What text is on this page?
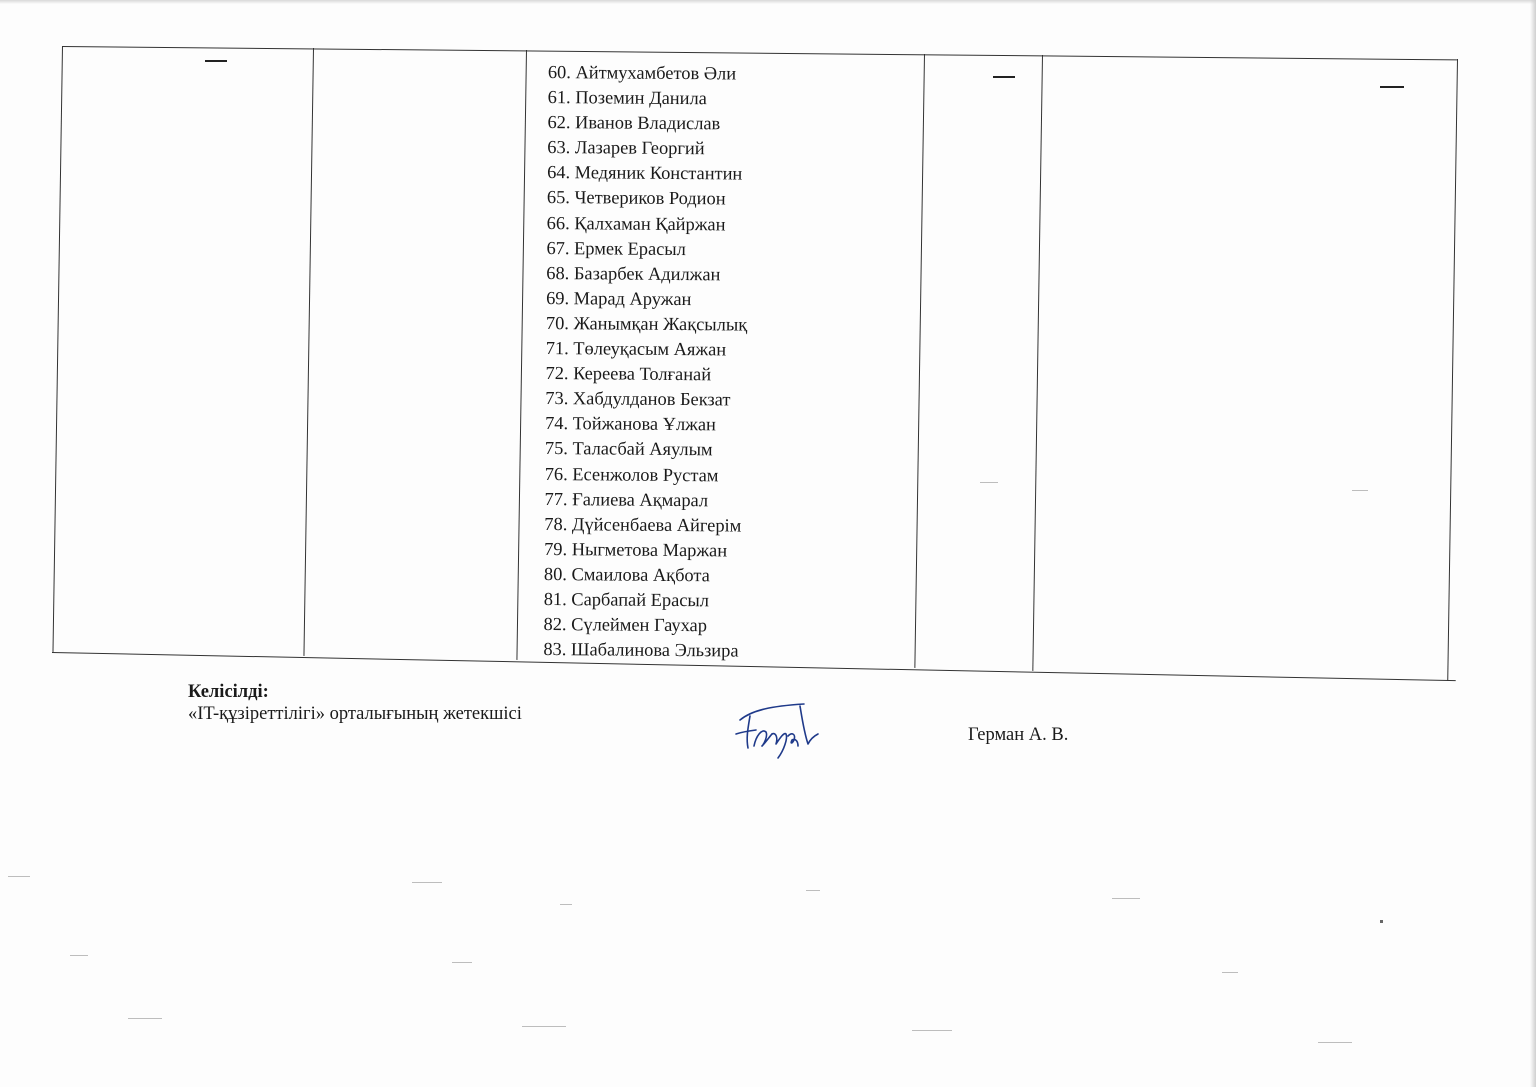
60. Айтмухамбетов Әли
61. Поземин Данила
62. Иванов Владислав
63. Лазарев Георгий
64. Медяник Константин
65. Четвериков Родион
66. Қалхаман Қайржан
67. Ермек Ерасыл
68. Базарбек Адилжан
69. Марад Аружан
70. Жанымқан Жақсылық
71. Төлеуқасым Аяжан
72. Кереева Толғанай
73. Хабдулданов Бекзат
74. Тойжанова Ұлжан
75. Таласбай Аяулым
76. Есенжолов Рустам
77. Ғалиева Ақмарал
78. Дүйсенбаева Айгерім
79. Ныгметова Маржан
80. Смаилова Ақбота
81. Сарбапай Ерасыл
82. Сүлеймен Гаухар
83. Шабалинова Эльзира
Келісілді:
«IT-құзіреттілігі» орталығының жетекшісі
Герман А. В.
